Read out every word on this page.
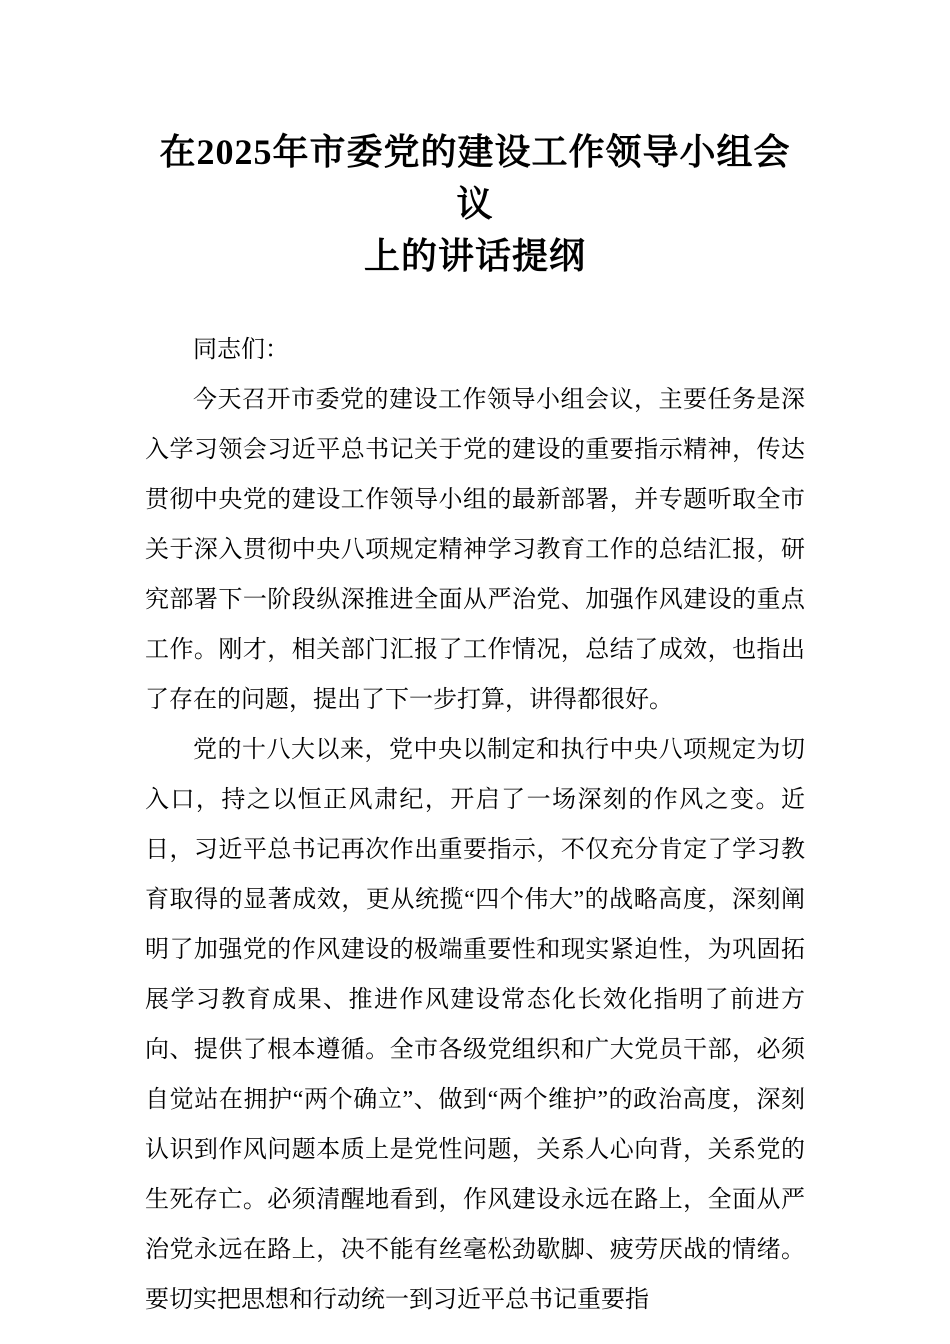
在2025年市委党的建设工作领导小组会议
上的讲话提纲

同志们：

今天召开市委党的建设工作领导小组会议，主要任务是深入学习领会习近平总书记关于党的建设的重要指示精神，传达贯彻中央党的建设工作领导小组的最新部署，并专题听取全市关于深入贯彻中央八项规定精神学习教育工作的总结汇报，研究部署下一阶段纵深推进全面从严治党、加强作风建设的重点工作。刚才，相关部门汇报了工作情况，总结了成效，也指出了存在的问题，提出了下一步打算，讲得都很好。

党的十八大以来，党中央以制定和执行中央八项规定为切入口，持之以恒正风肃纪，开启了一场深刻的作风之变。近日，习近平总书记再次作出重要指示，不仅充分肯定了学习教育取得的显著成效，更从统揽“四个伟大”的战略高度，深刻阐明了加强党的作风建设的极端重要性和现实紧迫性，为巩固拓展学习教育成果、推进作风建设常态化长效化指明了前进方向、提供了根本遵循。全市各级党组织和广大党员干部，必须自觉站在拥护“两个确立”、做到“两个维护”的政治高度，深刻认识到作风问题本质上是党性问题，关系人心向背，关系党的生死存亡。必须清醒地看到，作风建设永远在路上，全面从严治党永远在路上，决不能有丝毫松劲歇脚、疲劳厌战的情绪。要切实把思想和行动统一到习近平总书记重要指
